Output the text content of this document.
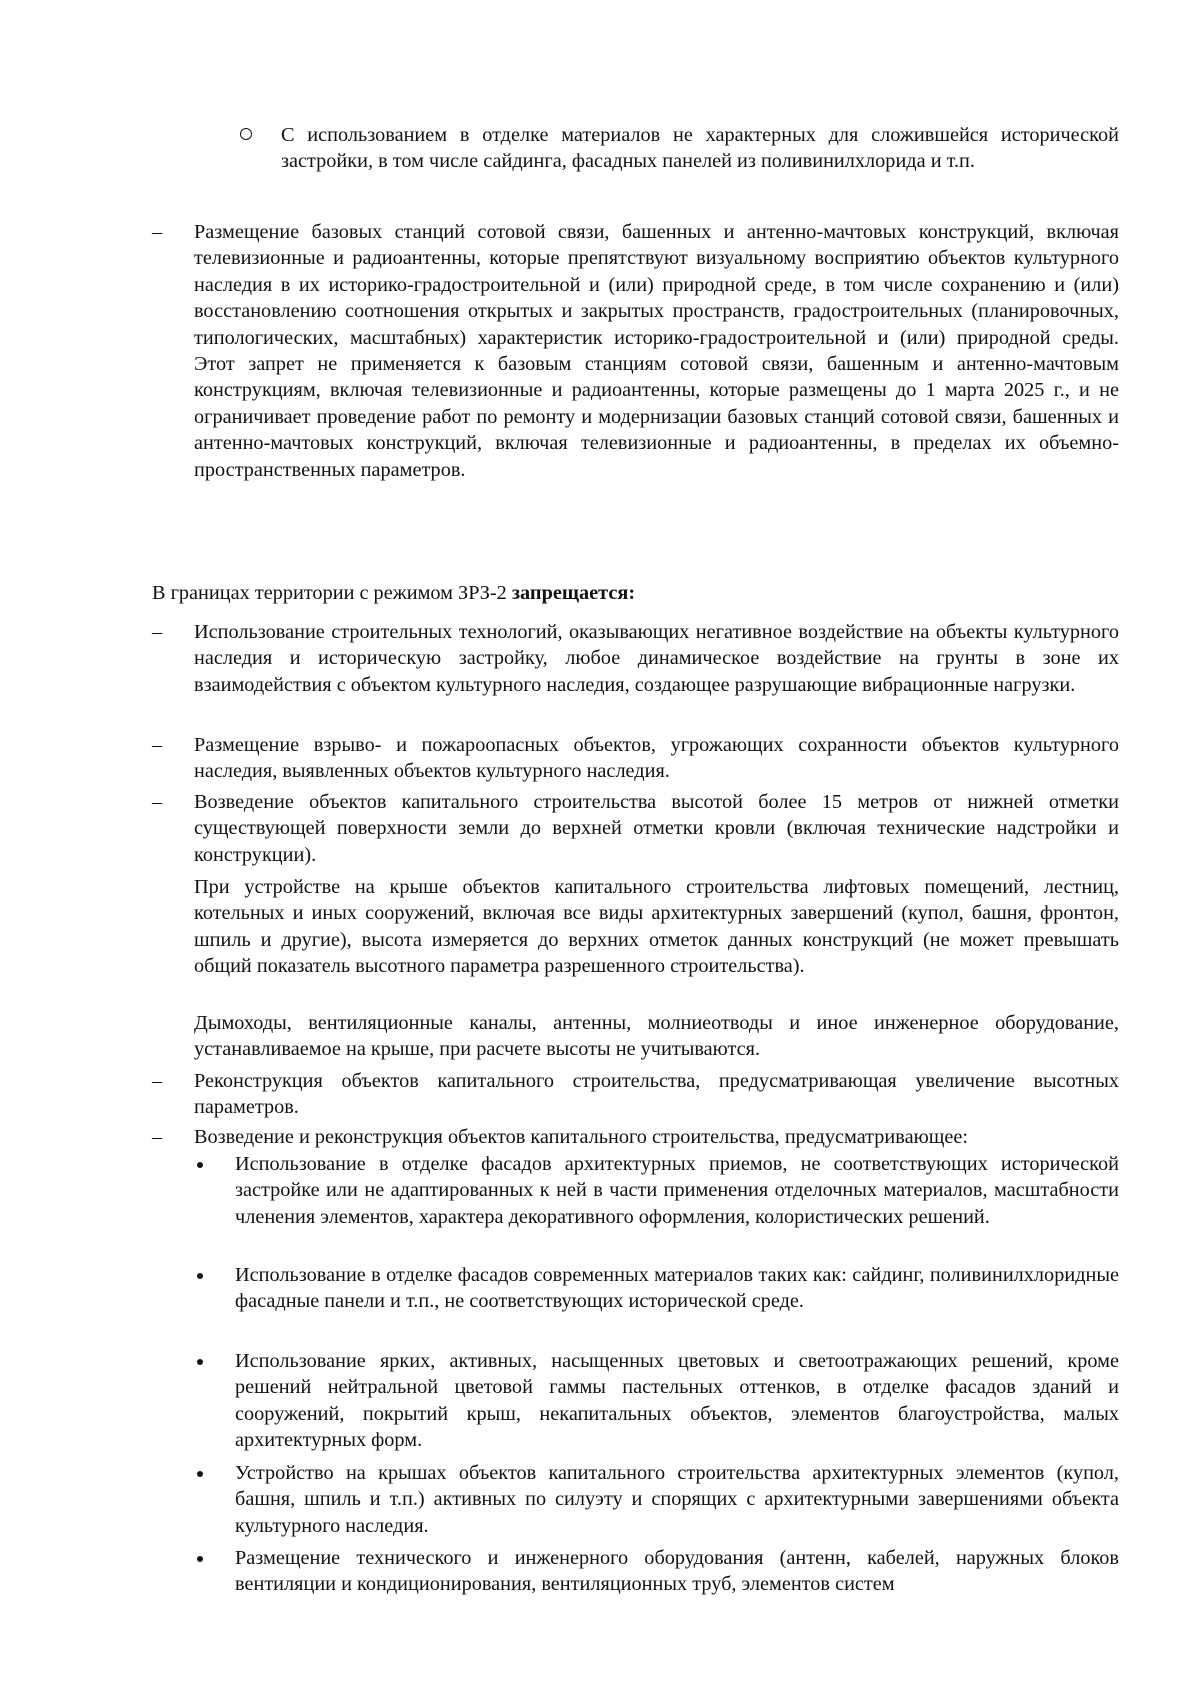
С использованием в отделке материалов не характерных для сложившейся исторической застройки, в том числе сайдинга, фасадных панелей из поливинилхлорида и т.п.

– Размещение базовых станций сотовой связи, башенных и антенно-мачтовых конструкций, включая телевизионные и радиоантенны, которые препятствуют визуальному восприятию объектов культурного наследия в их историко-градостроительной и (или) природной среде, в том числе сохранению и (или) восстановлению соотношения открытых и закрытых пространств, градостроительных (планировочных, типологических, масштабных) характеристик историко-градостроительной и (или) природной среды. Этот запрет не применяется к базовым станциям сотовой связи, башенным и антенно-мачтовым конструкциям, включая телевизионные и радиоантенны, которые размещены до 1 марта 2025 г., и не ограничивает проведение работ по ремонту и модернизации базовых станций сотовой связи, башенных и антенно-мачтовых конструкций, включая телевизионные и радиоантенны, в пределах их объемно-пространственных параметров.

В границах территории с режимом ЗРЗ-2 запрещается:
– Использование строительных технологий, оказывающих негативное воздействие на объекты культурного наследия и историческую застройку, любое динамическое воздействие на грунты в зоне их взаимодействия с объектом культурного наследия, создающее разрушающие вибрационные нагрузки.

– Размещение взрыво- и пожароопасных объектов, угрожающих сохранности объектов культурного наследия, выявленных объектов культурного наследия.

– Возведение объектов капитального строительства высотой более 15 метров от нижней отметки существующей поверхности земли до верхней отметки кровли (включая технические надстройки и конструкции).

При устройстве на крыше объектов капитального строительства лифтовых помещений, лестниц, котельных и иных сооружений, включая все виды архитектурных завершений (купол, башня, фронтон, шпиль и другие), высота измеряется до верхних отметок данных конструкций (не может превышать общий показатель высотного параметра разрешенного строительства).

Дымоходы, вентиляционные каналы, антенны, молниеотводы и иное инженерное оборудование, устанавливаемое на крыше, при расчете высоты не учитываются.

– Реконструкция объектов капитального строительства, предусматривающая увеличение высотных параметров.

– Возведение и реконструкция объектов капитального строительства, предусматривающее:

Использование в отделке фасадов архитектурных приемов, не соответствующих исторической застройке или не адаптированных к ней в части применения отделочных материалов, масштабности членения элементов, характера декоративного оформления, колористических решений.

Использование в отделке фасадов современных материалов таких как: сайдинг, поливинилхлоридные фасадные панели и т.п., не соответствующих исторической среде.

Использование ярких, активных, насыщенных цветовых и светоотражающих решений, кроме решений нейтральной цветовой гаммы пастельных оттенков, в отделке фасадов зданий и сооружений, покрытий крыш, некапитальных объектов, элементов благоустройства, малых архитектурных форм.

Устройство на крышах объектов капитального строительства архитектурных элементов (купол, башня, шпиль и т.п.) активных по силуэту и спорящих с архитектурными завершениями объекта культурного наследия.

Размещение технического и инженерного оборудования (антенн, кабелей, наружных блоков вентиляции и кондиционирования, вентиляционных труб, элементов систем
